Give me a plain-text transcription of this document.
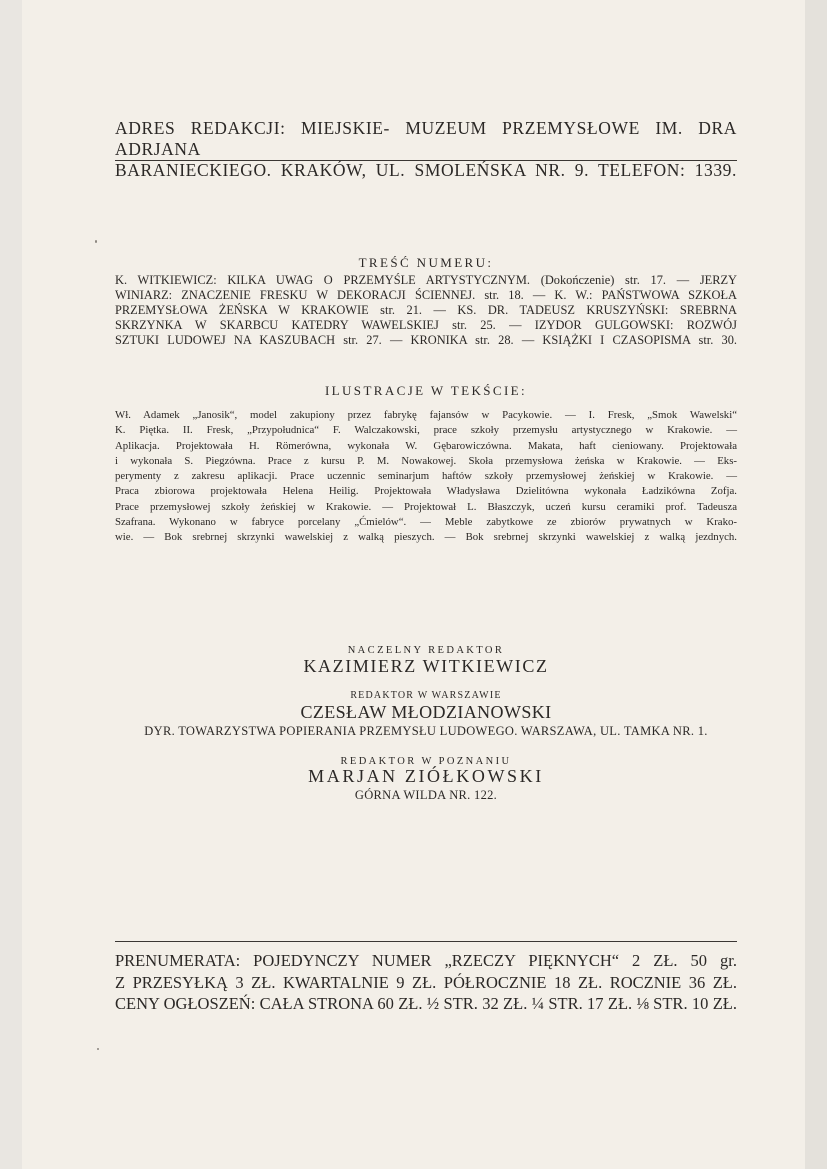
ADRES REDAKCJI: MIEJSKIE- MUZEUM PRZEMYSŁOWE IM. DRA ADRJANA
BARANIECKIEGO. KRAKÓW, UL. SMOLEŃSKA NR. 9. TELEFON: 1339.
TREŚĆ NUMERU:
K. WITKIEWICZ: KILKA UWAG O PRZEMYŚLE ARTYSTYCZNYM. (Dokończenie) str. 17. — JERZY
WINIARZ: ZNACZENIE FRESKU W DEKORACJI ŚCIENNEJ. str. 18. — K. W.: PAŃSTWOWA SZKOŁA
PRZEMYSŁOWA ŻEŃSKA W KRAKOWIE str. 21. — KS. DR. TADEUSZ KRUSZYŃSKI: SREBRNA
SKRZYNKA W SKARBCU KATEDRY WAWELSKIEJ str. 25. — IZYDOR GULGOWSKI: ROZWÓJ
SZTUKI LUDOWEJ NA KASZUBACH str. 27. — KRONIKA str. 28. — KSIĄŻKI I CZASOPISMA str. 30.
ILUSTRACJE W TEKŚCIE:
Wł. Adamek „Janosik“, model zakupiony przez fabrykę fajansów w Pacykowie. — I. Fresk, „Smok Wawelski“
K. Piętka. II. Fresk, „Przypołudnica“ F. Walczakowski, prace szkoły przemysłu artystycznego w Krakowie. —
Aplikacja. Projektowała H. Römerówna, wykonała W. Gębarowiczówna. Makata, haft cieniowany. Projektowała
i wykonała S. Piegzówna. Prace z kursu P. M. Nowakowej. Skoła przemysłowa żeńska w Krakowie. — Eks-
perymenty z zakresu aplikacji. Prace uczennic seminarjum haftów szkoły przemysłowej żeńskiej w Krakowie. —
Praca zbiorowa projektowała Helena Heilig. Projektowała Władysława Dzielitówna wykonała Ładzikówna Zofja.
Prace przemysłowej szkoły żeńskiej w Krakowie. — Projektował L. Błaszczyk, uczeń kursu ceramiki prof. Tadeusza
Szafrana. Wykonano w fabryce porcelany „Ćmielów“. — Meble zabytkowe ze zbiorów prywatnych w Krako-
wie. — Bok srebrnej skrzynki wawelskiej z walką pieszych. — Bok srebrnej skrzynki wawelskiej z walką jezdnych.
NACZELNY REDAKTOR
KAZIMIERZ WITKIEWICZ
REDAKTOR W WARSZAWIE
CZESŁAW MŁODZIANOWSKI
DYR. TOWARZYSTWA POPIERANIA PRZEMYSŁU LUDOWEGO. WARSZAWA, UL. TAMKA NR. 1.
REDAKTOR W POZNANIU
MARJAN ZIÓŁKOWSKI
GÓRNA WILDA NR. 122.
PRENUMERATA: POJEDYNCZY NUMER „RZECZY PIĘKNYCH“ 2 ZŁ. 50 gr.
Z PRZESYŁKĄ 3 ZŁ. KWARTALNIE 9 ZŁ. PÓŁROCZNIE 18 ZŁ. ROCZNIE 36 ZŁ.
CENY OGŁOSZEŃ: CAŁA STRONA 60 ZŁ. ½ STR. 32 ZŁ. ¼ STR. 17 ZŁ. ⅛ STR. 10 ZŁ.
